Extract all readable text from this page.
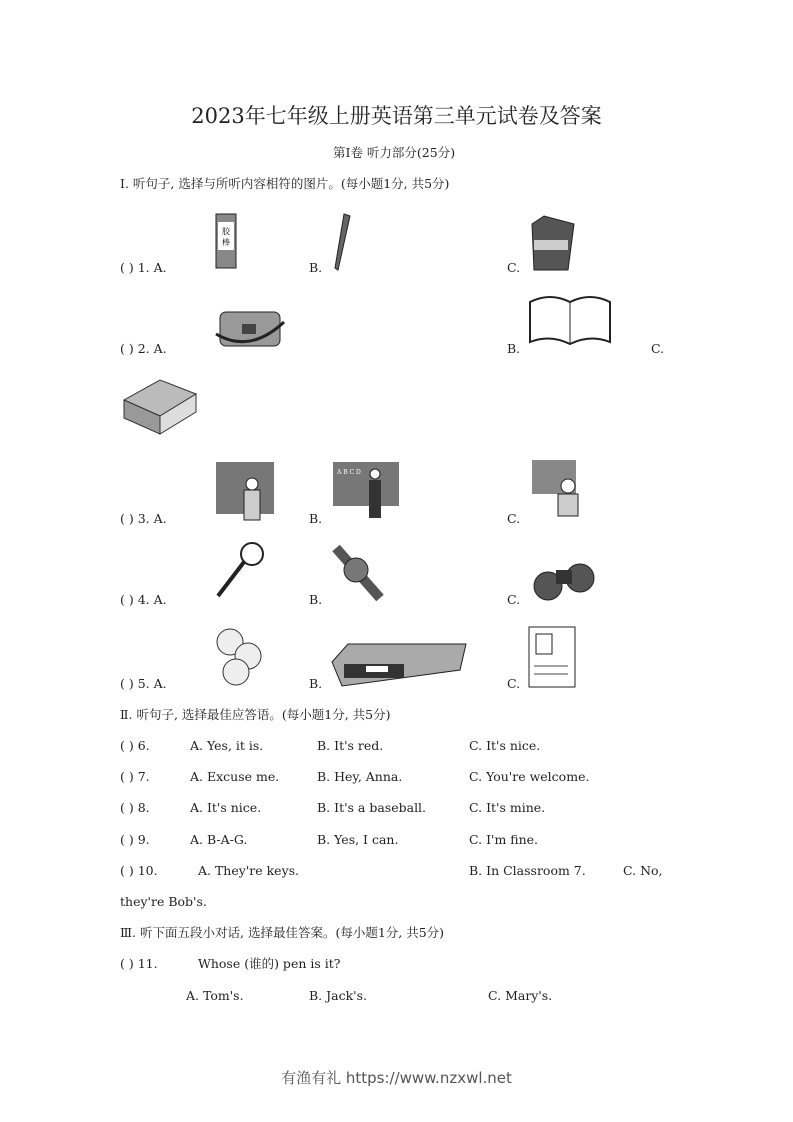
2023年七年级上册英语第三单元试卷及答案
第Ⅰ卷 听力部分(25分)
Ⅰ. 听句子, 选择与所听内容相符的图片。(每小题1分, 共5分)
( ) 1. A.	B.	C.
胶
棒
( ) 2. A.	B.	C.
( ) 3. A.	B.	C.
A B C D
( ) 4. A.	B.	C.
( ) 5. A.	B.	C.
Ⅱ. 听句子, 选择最佳应答语。(每小题1分, 共5分)
( ) 6.	A. Yes, it is.	B. It's red.	C. It's nice.
( ) 7.	A. Excuse me.	B. Hey, Anna.	C. You're welcome.
( ) 8.	A. It's nice.	B. It's a baseball.	C. It's mine.
( ) 9.	A. B-A-G.	B. Yes, I can.	C. I'm fine.
( ) 10.	A. They're keys.	B. In Classroom 7.	C. No,
they're Bob's.
Ⅲ. 听下面五段小对话, 选择最佳答案。(每小题1分, 共5分)
( ) 11.	Whose (谁的) pen is it?
A. Tom's.	B. Jack's.	C. Mary's.
有渔有礼 https://www.nzxwl.net
